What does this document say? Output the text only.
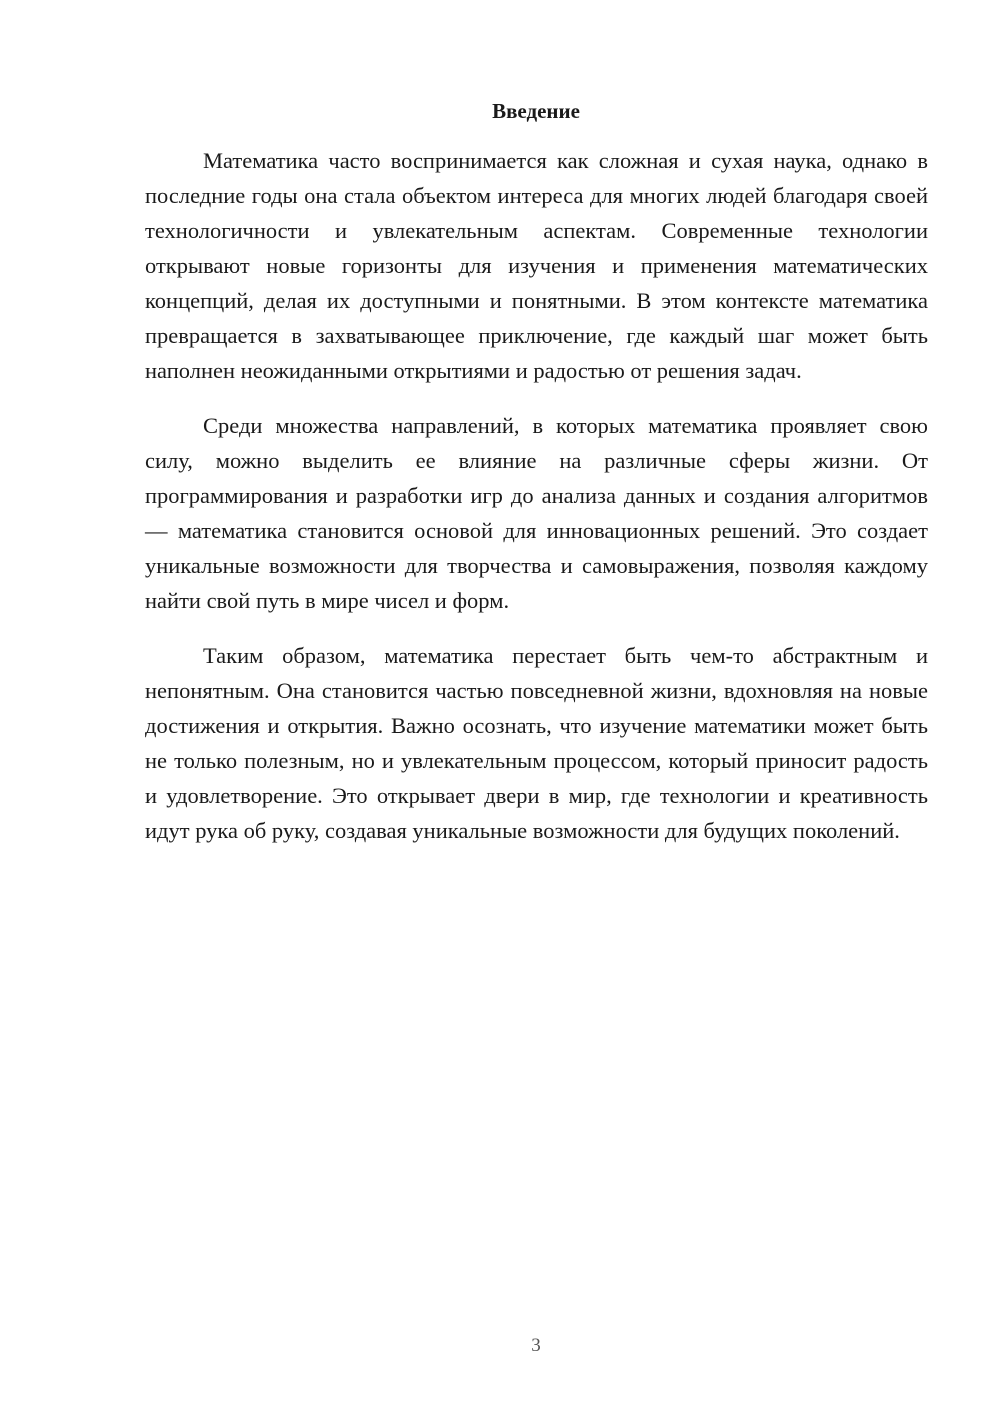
Введение

Математика часто воспринимается как сложная и сухая наука, однако в последние годы она стала объектом интереса для многих людей благодаря своей технологичности и увлекательным аспектам. Современные технологии открывают новые горизонты для изучения и применения математических концепций, делая их доступными и понятными. В этом контексте математика превращается в захватывающее приключение, где каждый шаг может быть наполнен неожиданными открытиями и радостью от решения задач.

Среди множества направлений, в которых математика проявляет свою силу, можно выделить ее влияние на различные сферы жизни. От программирования и разработки игр до анализа данных и создания алгоритмов — математика становится основой для инновационных решений. Это создает уникальные возможности для творчества и самовыражения, позволяя каждому найти свой путь в мире чисел и форм.

Таким образом, математика перестает быть чем-то абстрактным и непонятным. Она становится частью повседневной жизни, вдохновляя на новые достижения и открытия. Важно осознать, что изучение математики может быть не только полезным, но и увлекательным процессом, который приносит радость и удовлетворение. Это открывает двери в мир, где технологии и креативность идут рука об руку, создавая уникальные возможности для будущих поколений.

3
